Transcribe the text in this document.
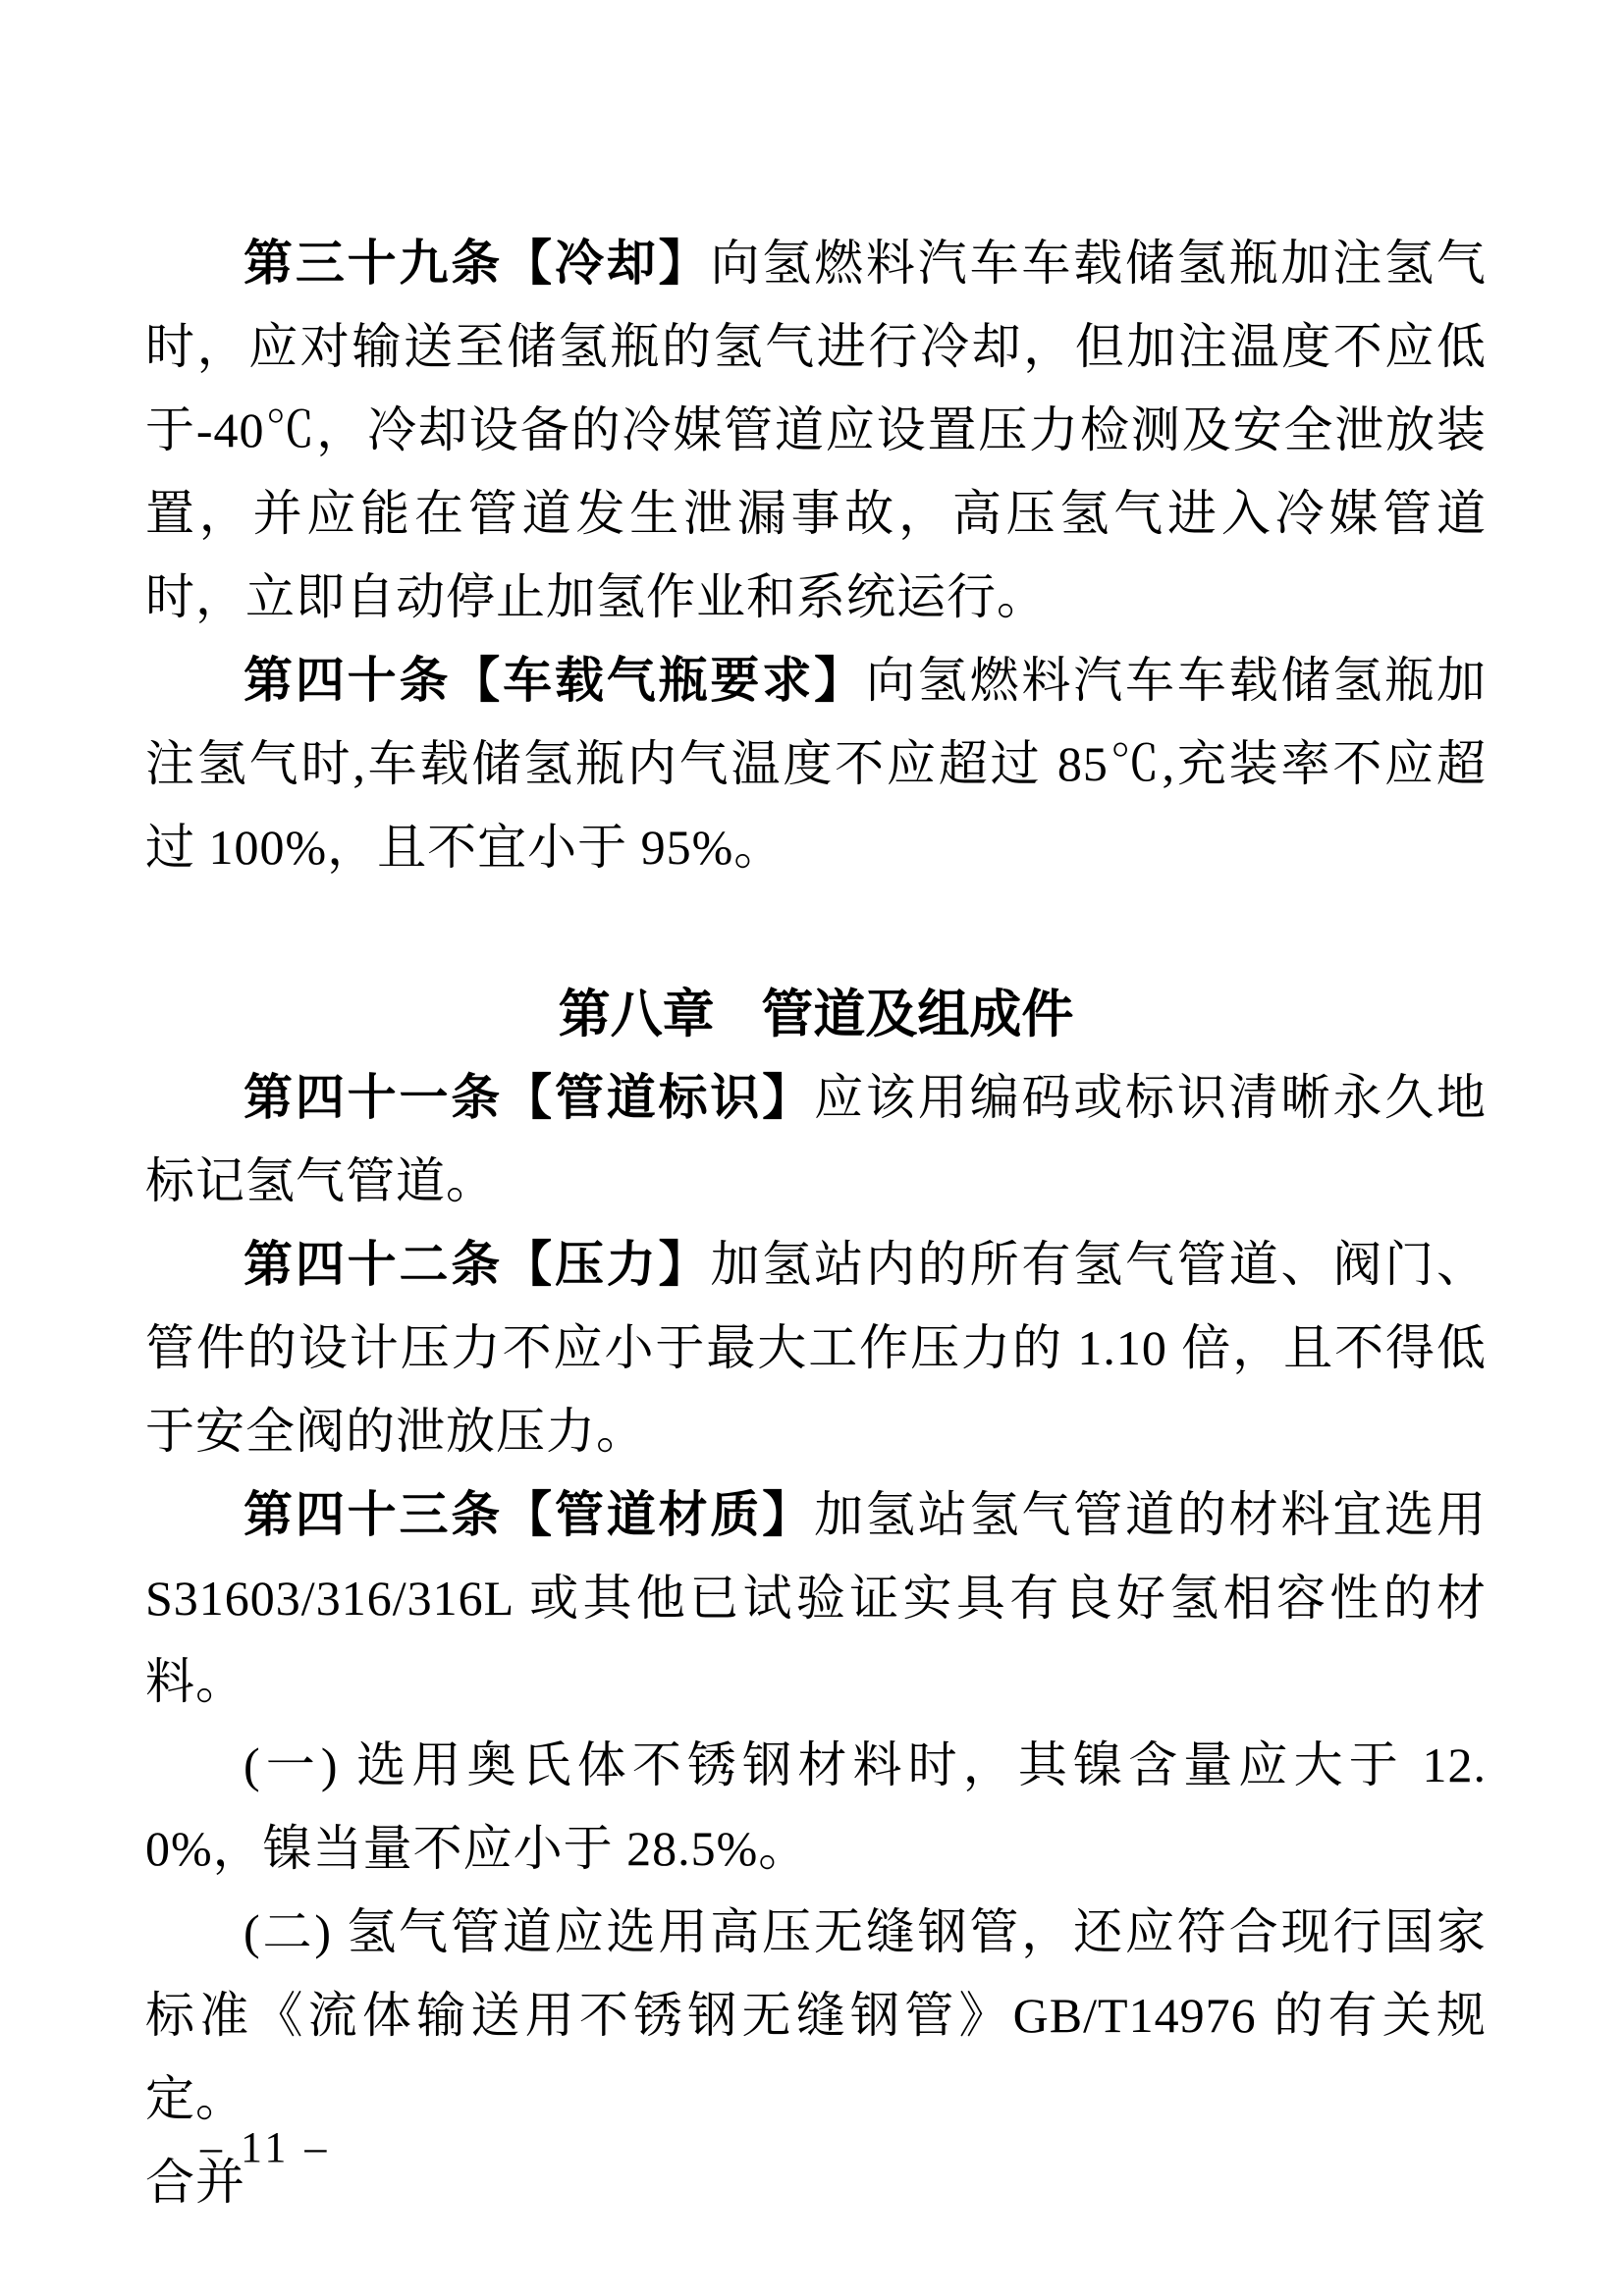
第三十九条【冷却】向氢燃料汽车车载储氢瓶加注氢气时，应对输送至储氢瓶的氢气进行冷却，但加注温度不应低于-40℃，冷却设备的冷媒管道应设置压力检测及安全泄放装置，并应能在管道发生泄漏事故，高压氢气进入冷媒管道时，立即自动停止加氢作业和系统运行。

第四十条【车载气瓶要求】向氢燃料汽车车载储氢瓶加注氢气时,车载储氢瓶内气温度不应超过 85℃,充装率不应超过 100%，且不宜小于 95%。

第八章 管道及组成件

第四十一条【管道标识】应该用编码或标识清晰永久地标记氢气管道。

第四十二条【压力】加氢站内的所有氢气管道、阀门、管件的设计压力不应小于最大工作压力的 1.10 倍，且不得低于安全阀的泄放压力。

第四十三条【管道材质】加氢站氢气管道的材料宜选用 S31603/316/316L 或其他已试验证实具有良好氢相容性的材料。

(一) 选用奥氏体不锈钢材料时，其镍含量应大于 12.0%，镍当量不应小于 28.5%。

(二) 氢气管道应选用高压无缝钢管，还应符合现行国家标准《流体输送用不锈钢无缝钢管》GB/T14976 的有关规定。

合并

– 11 –
